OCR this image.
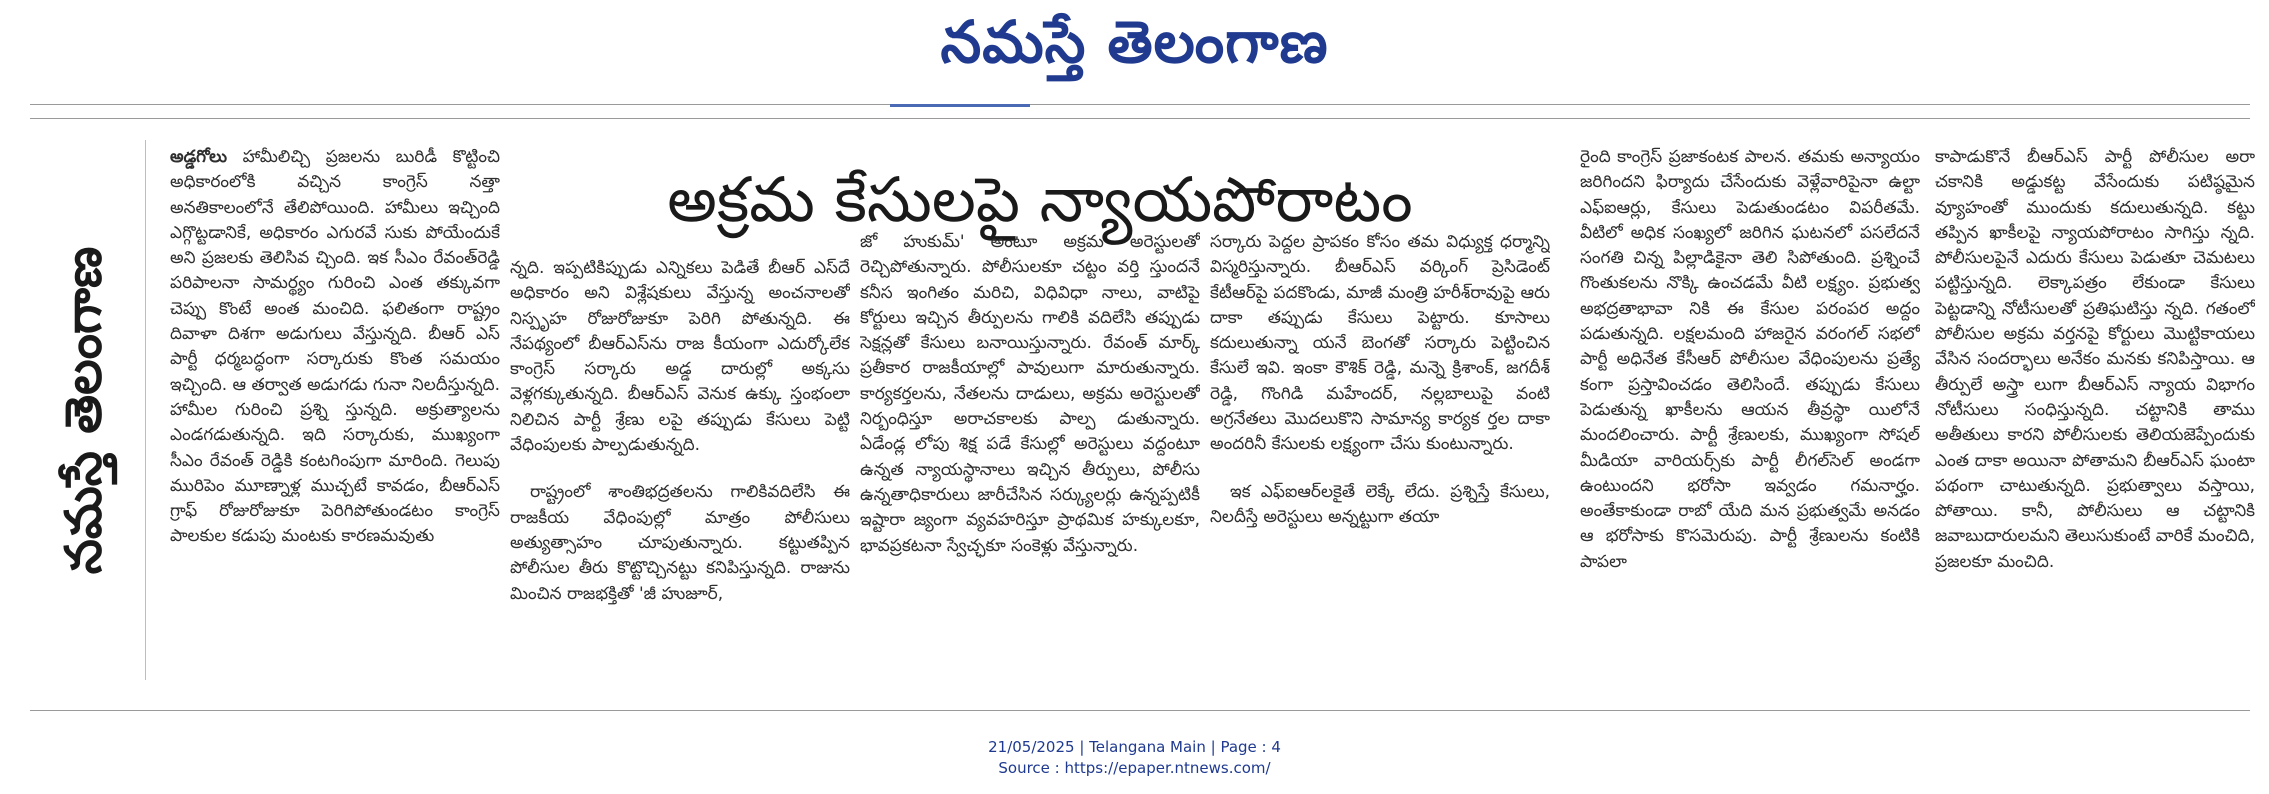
నమస్తే తెలంగాణ
నమస్తే తెలంగాణ
అక్రమ కేసులపై న్యాయపోరాటం

అడ్డగోలు హామీలిచ్చి ప్రజలను బురిడీ కొట్టించి అధికారంలోకి వచ్చిన కాంగ్రెస్ నత్తా అనతికాలంలోనే తేలిపోయింది. హామీలు ఇచ్చింది ఎగ్గొట్టడానికే, అధికారం ఎగురవే సుకు పోయేందుకే అని ప్రజలకు తెలిసివ చ్చింది. ఇక సీఎం రేవంత్‌రెడ్డి పరిపాలనా సామర్థ్యం గురించి ఎంత తక్కువగా చెప్పు కొంటే అంత మంచిది. ఫలితంగా రాష్ట్రం దివాళా దిశగా అడుగులు వేస్తున్నది. బీఆర్ ఎస్ పార్టీ ధర్మబద్ధంగా సర్కారుకు కొంత సమయం ఇచ్చింది. ఆ తర్వాత అడుగడు గునా నిలదీస్తున్నది. హామీల గురించి ప్రశ్ని స్తున్నది. అక్రుత్యాలను ఎండగడుతున్నది. ఇది సర్కారుకు, ముఖ్యంగా సీఎం రేవంత్ రెడ్డికి కంటగింపుగా మారింది. గెలుపు మురిపెం మూణ్నాళ్ల ముచ్చటే కావడం, బీఆర్ఎస్ గ్రాఫ్ రోజురోజుకూ పెరిగిపోతుండటం కాంగ్రెస్ పాలకుల కడుపు మంటకు కారణమవుతు

న్నది. ఇప్పటికిప్పుడు ఎన్నికలు పెడితే బీఆర్ ఎస్‌దే అధికారం అని విశ్లేషకులు వేస్తున్న అంచనాలతో నిస్పృహ రోజురోజుకూ పెరిగి పోతున్నది. ఈ నేపథ్యంలో బీఆర్ఎస్‌ను రాజ కీయంగా ఎదుర్కోలేక కాంగ్రెస్ సర్కారు అడ్డ దారుల్లో అక్కసు వెళ్లగక్కుతున్నది. బీఆర్ఎస్ వెనుక ఉక్కు స్తంభంలా నిలిచిన పార్టీ శ్రేణు లపై తప్పుడు కేసులు పెట్టి వేధింపులకు పాల్పడుతున్నది.

రాష్ట్రంలో శాంతిభద్రతలను గాలికివదిలేసి ఈ రాజకీయ వేధింపుల్లో మాత్రం పోలీసులు అత్యుత్సాహం చూపుతున్నారు. కట్టుతప్పిన పోలీసుల తీరు కొట్టొచ్చినట్టు కనిపిస్తున్నది. రాజును మించిన రాజభక్తితో 'జీ హుజూర్,

జో హుకుమ్' అంటూ అక్రమ అరెస్టులతో రెచ్చిపోతున్నారు. పోలీసులకూ చట్టం వర్తి స్తుందనే కనీస ఇంగితం మరిచి, విధివిధా నాలు, వాటిపై కోర్టులు ఇచ్చిన తీర్పులను గాలికి వదిలేసి తప్పుడు సెక్షన్లతో కేసులు బనాయిస్తున్నారు. రేవంత్ మార్క్ ప్రతీకార రాజకీయాల్లో పావులుగా మారుతున్నారు. కార్యకర్తలను, నేతలను దాడులు, అక్రమ అరెస్టులతో నిర్బంధిస్తూ అరాచకాలకు పాల్ప డుతున్నారు. ఏడేండ్ల లోపు శిక్ష పడే కేసుల్లో అరెస్టులు వద్దంటూ ఉన్నత న్యాయస్థానాలు ఇచ్చిన తీర్పులు, పోలీసు ఉన్నతాధికారులు జారీచేసిన సర్క్యులర్లు ఉన్నప్పటికీ ఇష్టారా జ్యంగా వ్యవహరిస్తూ ప్రాథమిక హక్కులకూ, భావప్రకటనా స్వేచ్ఛకూ సంకెళ్లు వేస్తున్నారు.

సర్కారు పెద్దల ప్రాపకం కోసం తమ విధ్యుక్త ధర్మాన్ని విస్మరిస్తున్నారు. బీఆర్ఎస్ వర్కింగ్ ప్రెసిడెంట్ కేటీఆర్‌పై పదకొండు, మాజీ మంత్రి హరీశ్‌రావుపై ఆరు దాకా తప్పుడు కేసులు పెట్టారు. కూసాలు కదులుతున్నా యనే బెంగతో సర్కారు పెట్టించిన కేసులే ఇవి. ఇంకా కౌశిక్ రెడ్డి, మన్నె క్రిశాంక్, జగదీశ్ రెడ్డి, గొంగిడి మహేందర్, నల్లబాలుపై వంటి అగ్రనేతలు మొదలుకొని సామాన్య కార్యక ర్తల దాకా అందరినీ కేసులకు లక్ష్యంగా చేసు కుంటున్నారు.

ఇక ఎఫ్ఐఆర్‌లకైతే లెక్కే లేదు. ప్రశ్నిస్తే కేసులు, నిలదీస్తే అరెస్టులు అన్నట్టుగా తయా

రైంది కాంగ్రెస్ ప్రజాకంటక పాలన. తమకు అన్యాయం జరిగిందని ఫిర్యాదు చేసేందుకు వెళ్లేవారిపైనా ఉల్టా ఎఫ్ఐఆర్లు, కేసులు పెడుతుండటం విపరీతమే. వీటిలో అధిక సంఖ్యలో జరిగిన ఘటనలో పసలేదనే సంగతి చిన్న పిల్లాడికైనా తెలి సిపోతుంది. ప్రశ్నించే గొంతుకలను నొక్కి ఉంచడమే వీటి లక్ష్యం. ప్రభుత్వ అభద్రతాభావా నికి ఈ కేసుల పరంపర అద్దం పడుతున్నది. లక్షలమంది హాజరైన వరంగల్ సభలో పార్టీ అధినేత కేసీఆర్ పోలీసుల వేధింపులను ప్రత్యే కంగా ప్రస్తావించడం తెలిసిందే. తప్పుడు కేసులు పెడుతున్న ఖాకీలను ఆయన తీవ్రస్థా యిలోనే మందలించారు. పార్టీ శ్రేణులకు, ముఖ్యంగా సోషల్ మీడియా వారియర్స్‌కు పార్టీ లీగల్‌సెల్ అండగా ఉంటుందని భరోసా ఇవ్వడం గమనార్హం. అంతేకాకుండా రాబో యేది మన ప్రభుత్వమే అనడం ఆ భరోసాకు కొసమెరుపు. పార్టీ శ్రేణులను కంటికి పాపలా

కాపాడుకొనే బీఆర్ఎస్ పార్టీ పోలీసుల అరా చకానికి అడ్డుకట్ట వేసేందుకు పటిష్ఠమైన వ్యూహంతో ముందుకు కదులుతున్నది. కట్టు తప్పిన ఖాకీలపై న్యాయపోరాటం సాగిస్తు న్నది. పోలీసులపైనే ఎదురు కేసులు పెడుతూ చెమటలు పట్టిస్తున్నది. లెక్కాపత్రం లేకుండా కేసులు పెట్టడాన్ని నోటీసులతో ప్రతిఘటిస్తు న్నది. గతంలో పోలీసుల అక్రమ వర్తనపై కోర్టులు మొట్టికాయలు వేసిన సందర్భాలు అనేకం మనకు కనిపిస్తాయి. ఆ తీర్పులే అస్త్రా లుగా బీఆర్ఎస్ న్యాయ విభాగం నోటీసులు సంధిస్తున్నది. చట్టానికి తాము అతీతులు కారని పోలీసులకు తెలియజెప్పేందుకు ఎంత దాకా అయినా పోతామని బీఆర్ఎస్ ఘంటా పథంగా చాటుతున్నది. ప్రభుత్వాలు వస్తాయి, పోతాయి. కానీ, పోలీసులు ఆ చట్టానికి జవాబుదారులమని తెలుసుకుంటే వారికే మంచిది, ప్రజలకూ మంచిది.

21/05/2025 | Telangana Main | Page : 4
Source : https://epaper.ntnews.com/
